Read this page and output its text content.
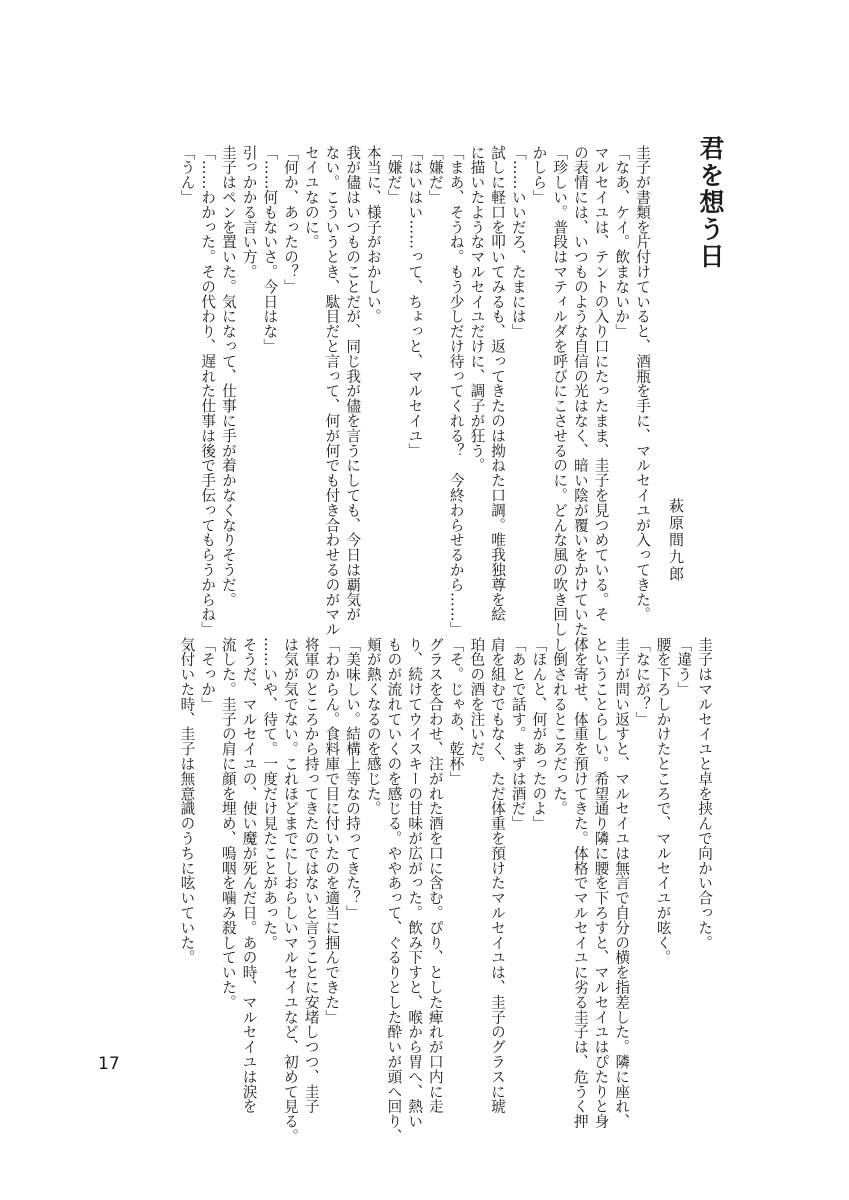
君を想う日
萩原間九郎

圭子が書類を片付けていると、酒瓶を手に、マルセイユが入ってきた。

「なあ、ケイ。飲まないか」

マルセイユは、テントの入り口にたったまま、圭子を見つめている。そ

の表情には、いつものような自信の光はなく、暗い陰が覆いをかけていた。

「珍しい。普段はマティルダを呼びにこさせるのに。どんな風の吹き回し

かしら」

「……いいだろ、たまには」

試しに軽口を叩いてみるも、返ってきたのは拗ねた口調。唯我独尊を絵

に描いたようなマルセイユだけに、調子が狂う。

「まあ、そうね。もう少しだけ待ってくれる？　今終わらせるから……」

「嫌だ」

「はいはい……って、ちょっと、マルセイユ」

「嫌だ」

本当に、様子がおかしい。

我が儘はいつものことだが、同じ我が儘を言うにしても、今日は覇気が

ない。こういうとき、駄目だと言って、何が何でも付き合わせるのがマル

セイユなのに。

「何か、あったの？」

「……何もないさ。今日はな」

引っかかる言い方。

圭子はペンを置いた。気になって、仕事に手が着かなくなりそうだ。

「……わかった。その代わり、遅れた仕事は後で手伝ってもらうからね」

「うん」

圭子はマルセイユと卓を挟んで向かい合った。

「違う」

腰を下ろしかけたところで、マルセイユが呟く。

「なにが？」

圭子が問い返すと、マルセイユは無言で自分の横を指差した。隣に座れ、

ということらしい。希望通り隣に腰を下ろすと、マルセイユはぴたりと身

体を寄せ、体重を預けてきた。体格でマルセイユに劣る圭子は、危うく押

し倒されるところだった。

「ほんと、何があったのよ」

「あとで話す。まずは酒だ」

肩を組むでもなく、ただ体重を預けたマルセイユは、圭子のグラスに琥

珀色の酒を注いだ。

「そ。じゃあ、乾杯」

グラスを合わせ、注がれた酒を口に含む。ぴり、とした痺れが口内に走

り、続けてウイスキーの甘味が広がった。飲み下すと、喉から胃へ、熱い

ものが流れていくのを感じる。ややあって、ぐるりとした酔いが頭へ回り、

頬が熱くなるのを感じた。

「美味しい。結構上等なの持ってきた？」

「わからん。食料庫で目に付いたのを適当に掴んできた」

将軍のところから持ってきたのではないと言うことに安堵しつつ、圭子

は気が気でない。これほどまでにしおらしいマルセイユなど、初めて見る。

……いや、待て。一度だけ見たことがあった。

そうだ、マルセイユの、使い魔が死んだ日。あの時、マルセイユは涙を

流した。圭子の肩に顔を埋め、嗚咽を噛み殺していた。

「そっか」

気付いた時、圭子は無意識のうちに呟いていた。

17
